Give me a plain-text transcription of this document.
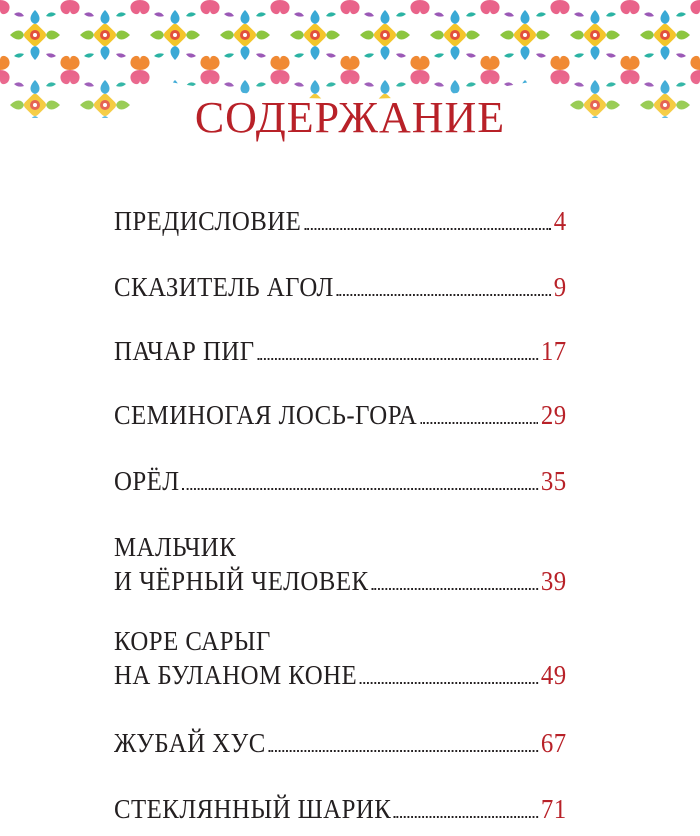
СОДЕРЖАНИЕ
ПРЕДИСЛОВИЕ	4
СКАЗИТЕЛЬ АГОЛ	9
ПАЧАР ПИГ	17
СЕМИНОГАЯ ЛОСЬ-ГОРА	29
ОРЁЛ	35
МАЛЬЧИК
И ЧЁРНЫЙ ЧЕЛОВЕК	39
КОРЕ САРЫГ
НА БУЛАНОМ КОНЕ	49
ЖУБАЙ ХУС	67
СТЕКЛЯННЫЙ ШАРИК	71
